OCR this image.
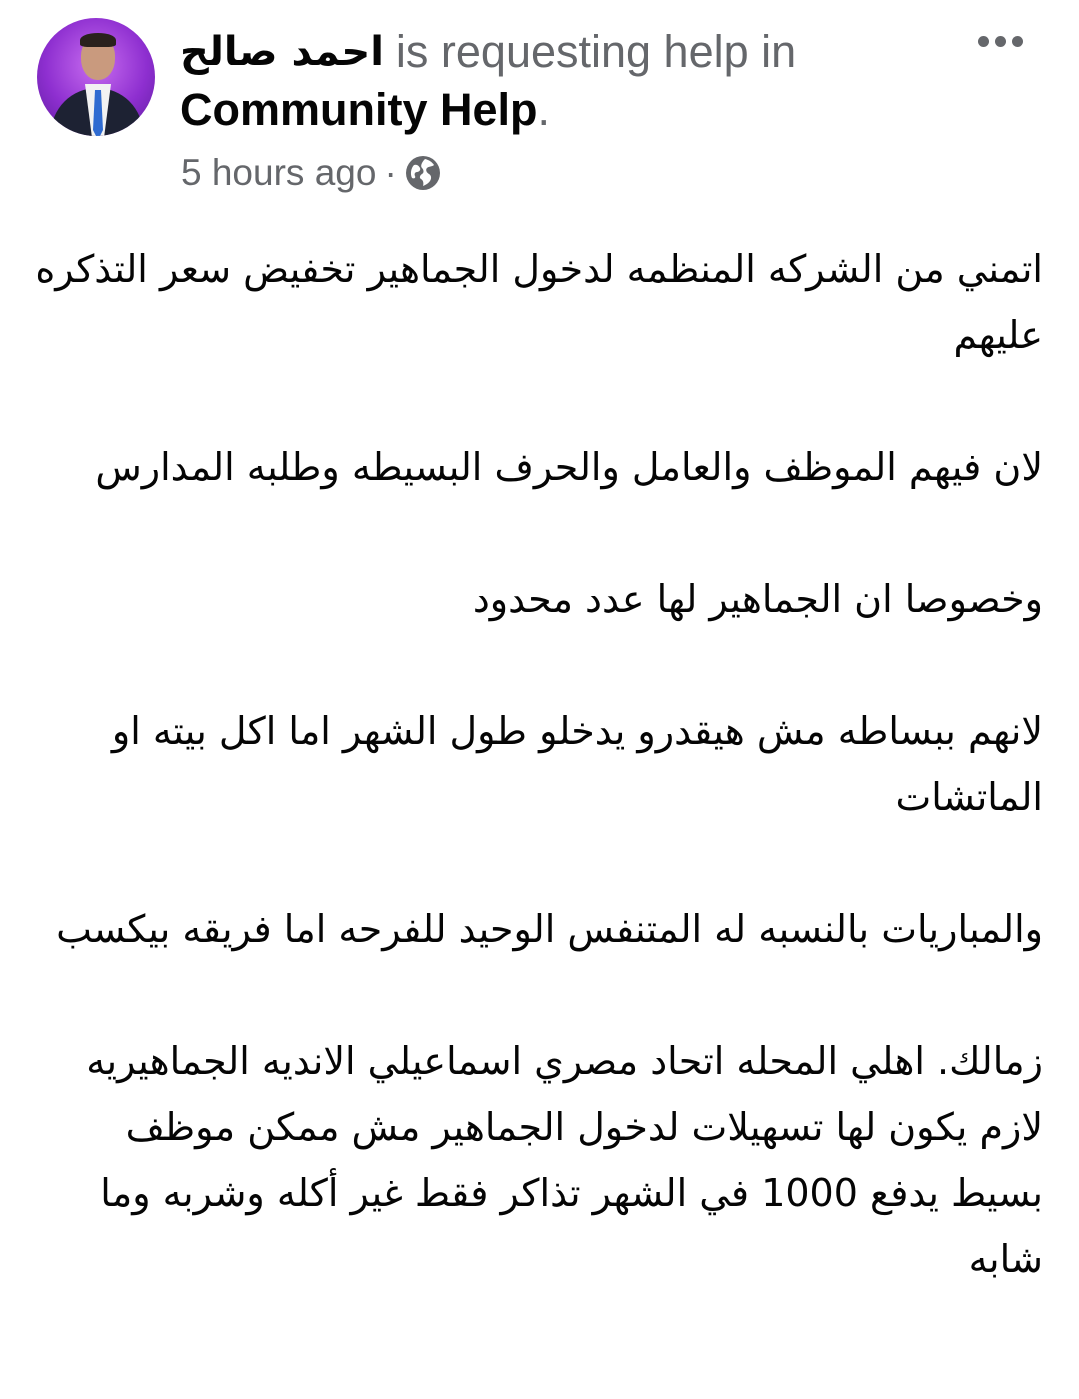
احمد صالح is requesting help in
Community Help .
5 hours ago ·

اتمني من الشركه المنظمه لدخول الجماهير تخفيض سعر التذكره عليهم

لان فيهم الموظف والعامل والحرف البسيطه وطلبه المدارس

وخصوصا ان الجماهير لها عدد محدود

لانهم ببساطه مش هيقدرو يدخلو طول الشهر اما اكل بيته او الماتشات

والمباريات بالنسبه له المتنفس الوحيد للفرحه اما فريقه بيكسب

زمالك. اهلي المحله اتحاد مصري اسماعيلي الانديه الجماهيريه لازم يكون لها تسهيلات لدخول الجماهير مش ممكن موظف بسيط يدفع 1000 في الشهر تذاكر فقط غير أكله وشربه وما شابه
